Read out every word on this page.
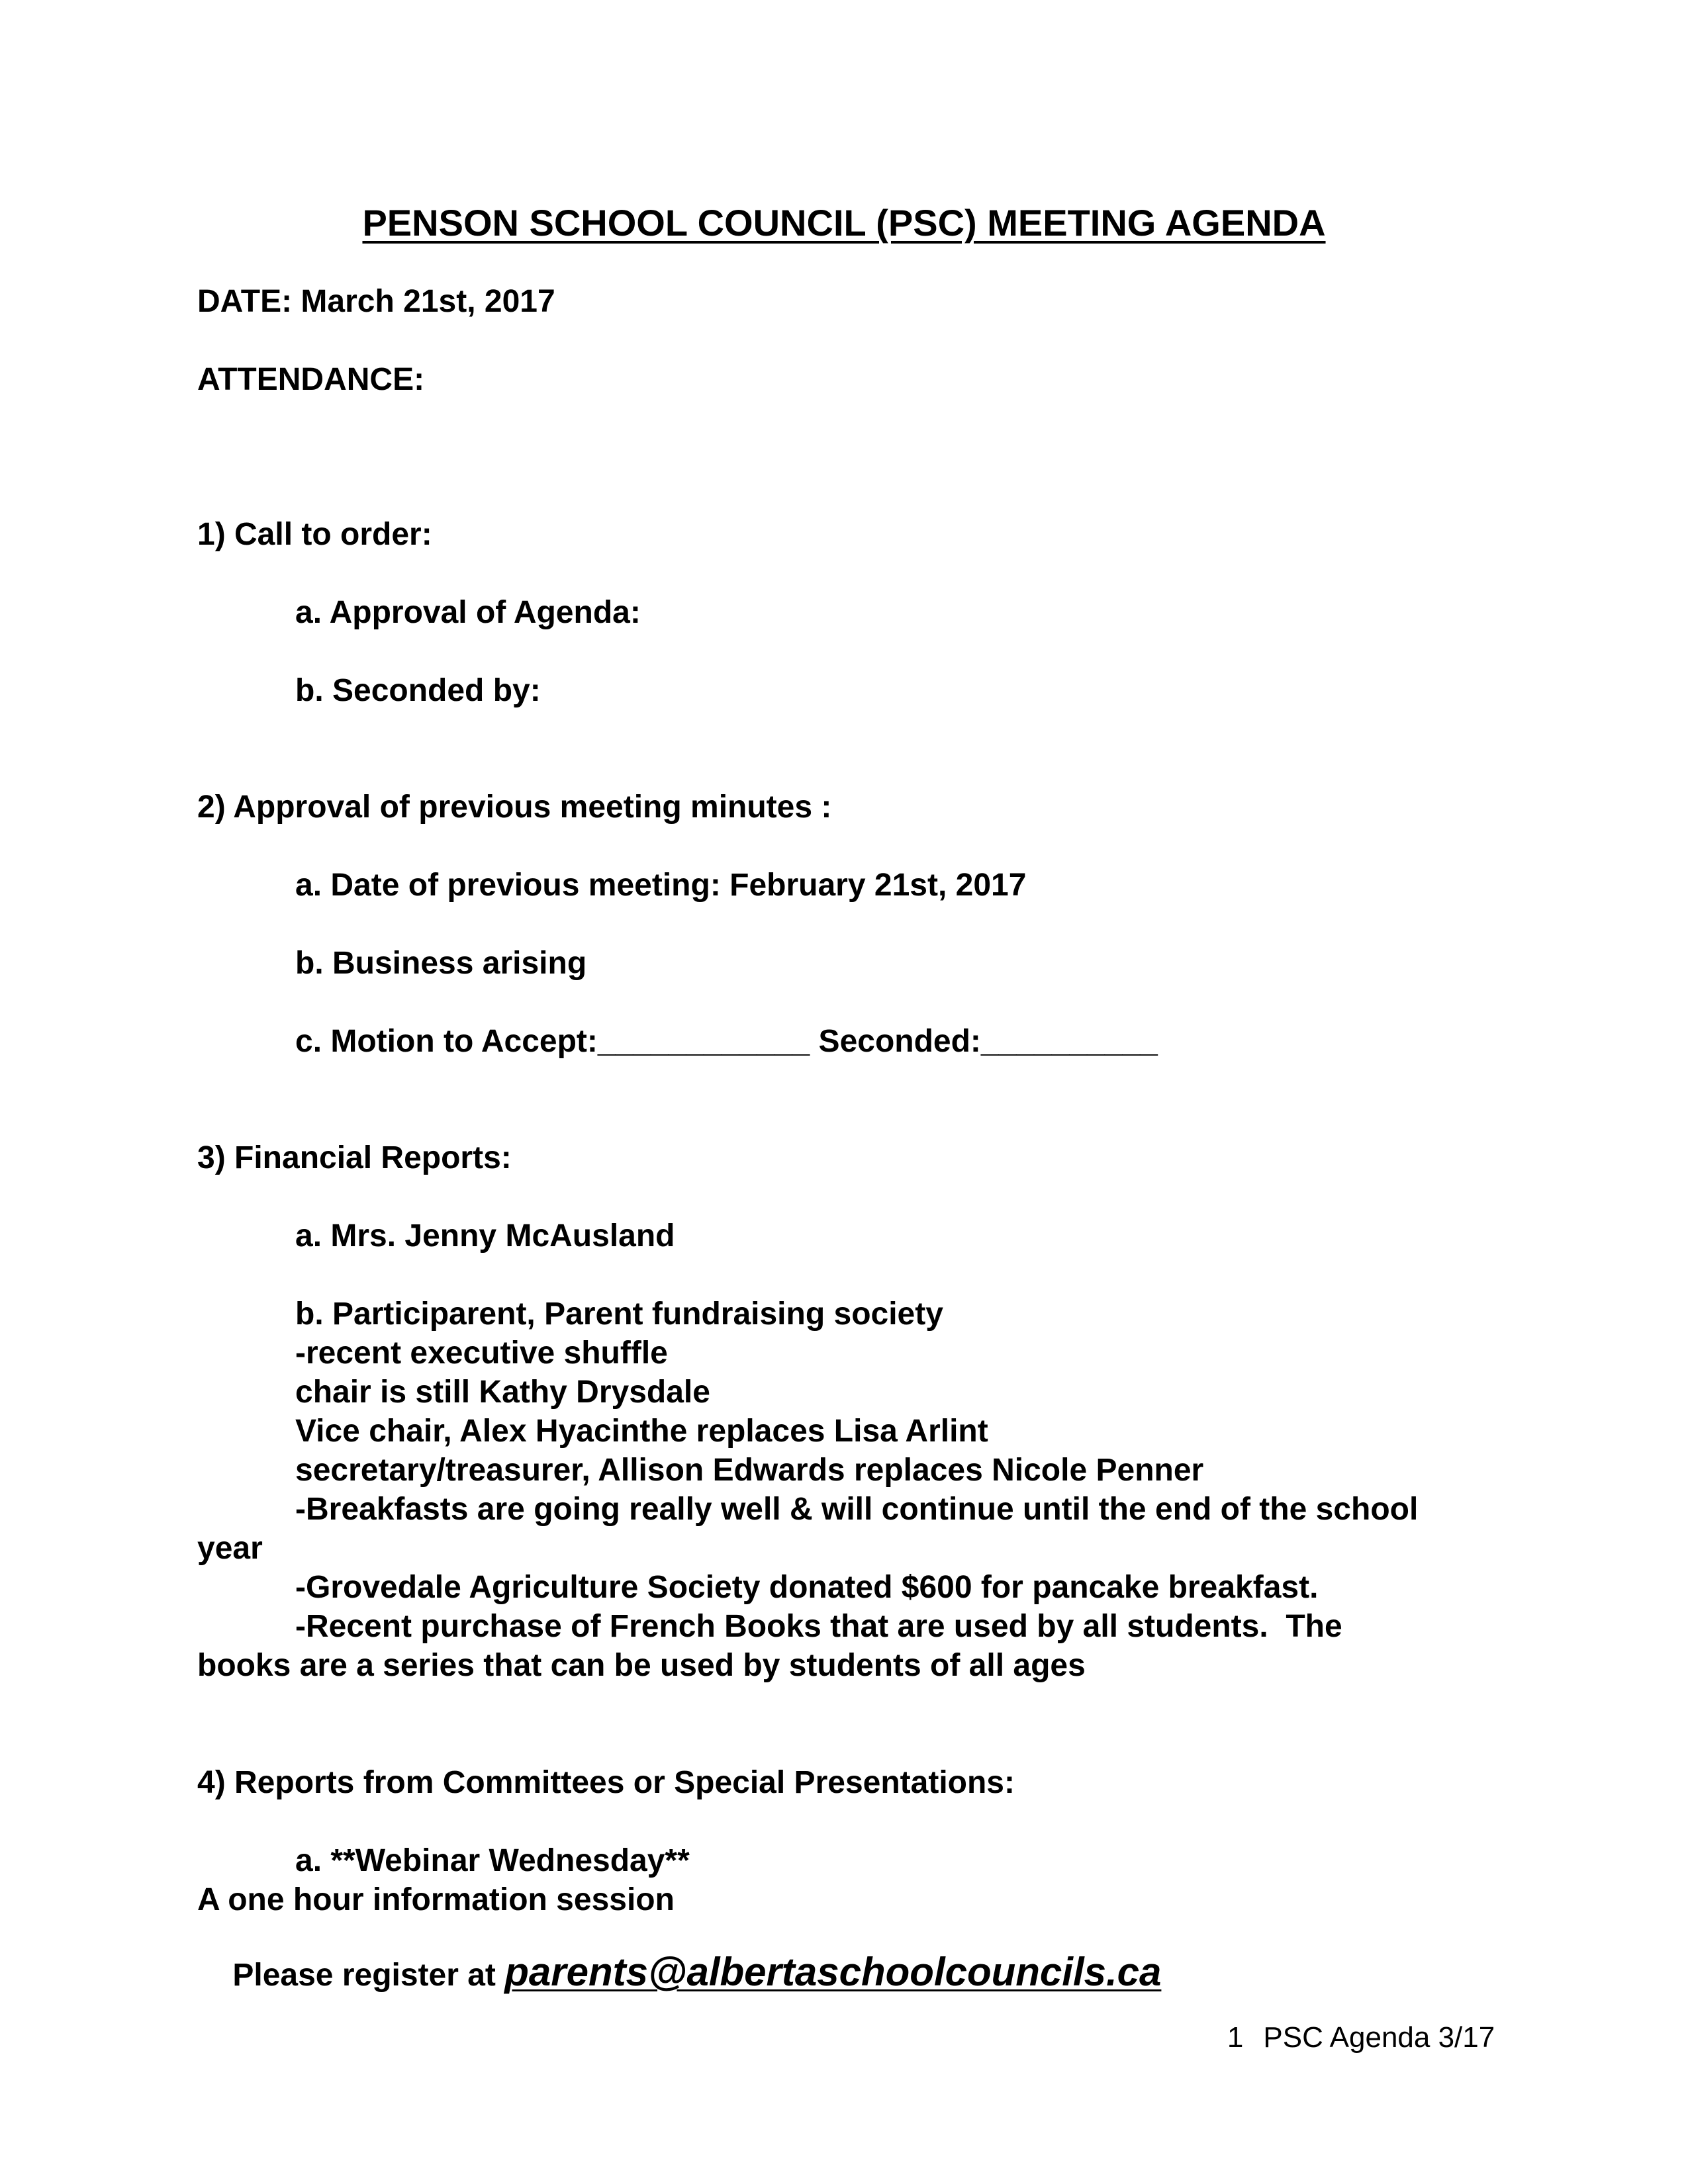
PENSON SCHOOL COUNCIL (PSC) MEETING AGENDA
DATE: March 21st, 2017
ATTENDANCE:
1) Call to order:
a. Approval of Agenda:
b. Seconded by:
2) Approval of previous meeting minutes :
a. Date of previous meeting: February 21st, 2017
b. Business arising
c. Motion to Accept:____________ Seconded:__________
3) Financial Reports:
a. Mrs. Jenny McAusland
b. Participarent, Parent fundraising society
-recent executive shuffle
chair is still Kathy Drysdale
Vice chair, Alex Hyacinthe replaces Lisa Arlint
secretary/treasurer, Allison Edwards replaces Nicole Penner
-Breakfasts are going really well & will continue until the end of the school
year
-Grovedale Agriculture Society donated $600 for pancake breakfast.
-Recent purchase of French Books that are used by all students.  The
books are a series that can be used by students of all ages
4) Reports from Committees or Special Presentations:
a. **Webinar Wednesday**
A one hour information session

Please register at parents@albertaschoolcouncils.ca

1 PSC Agenda 3/17
